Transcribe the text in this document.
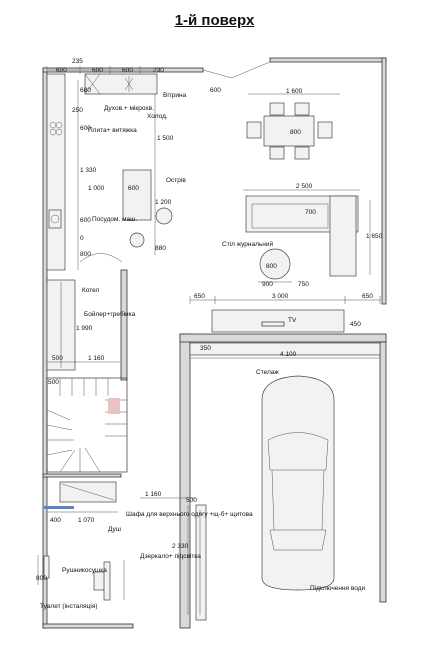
1-й поверх
Вітрина
Духов.+ мікрохв.
Холод.
Плита+ витяжка
Острів
Посудом. маш.
Стіл журнальний
Котел
Бойлер+гребінка
TV
Стелаж
Шафа для верхнього одягу +щ-б+ щитова
Душ
Дзеркало+ підсвітка
Рушникосушка
Туалет (інсталяція)
Підключення води
235
600	600	600	230
600
680
250
600
1 500
1 330
1 000	600
1 200
600
0
800
880
1 600
800
2 500
700
1 650
800
900	750
650	3 000	650
450
350
4 100
1 990
500	1 160
500
1 160
500
400	1 070
2 330
800
